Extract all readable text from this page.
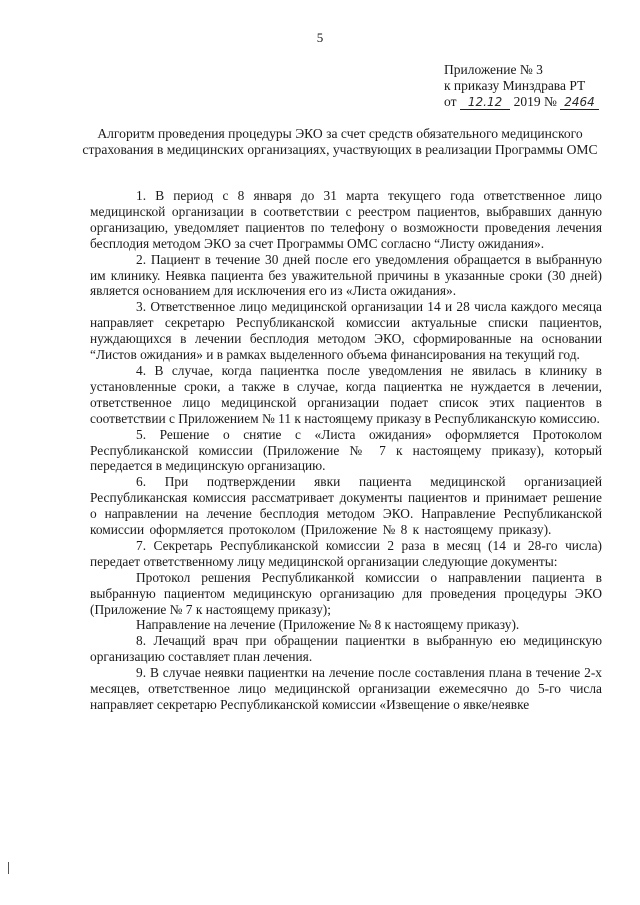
5
Приложение № 3
к приказу Минздрава РТ
от 12.12 2019 № 2464
Алгоритм проведения процедуры ЭКО за счет средств обязательного медицинского страхования в медицинских организациях, участвующих в реализации Программы ОМС

1. В период с 8 января до 31 марта текущего года ответственное лицо медицинской организации в соответствии с реестром пациентов, выбравших данную организацию, уведомляет пациентов по телефону о возможности проведения лечения бесплодия методом ЭКО за счет Программы ОМС согласно “Листу ожидания».

2. Пациент в течение 30 дней после его уведомления обращается в выбранную им клинику. Неявка пациента без уважительной причины в указанные сроки (30 дней) является основанием для исключения его из «Листа ожидания».

3. Ответственное лицо медицинской организации 14 и 28 числа каждого месяца направляет секретарю Республиканской комиссии актуальные списки пациентов, нуждающихся в лечении бесплодия методом ЭКО, сформированные на основании “Листов ожидания» и в рамках выделенного объема финансирования на текущий год.

4. В случае, когда пациентка после уведомления не явилась в клинику в установленные сроки, а также в случае, когда пациентка не нуждается в лечении, ответственное лицо медицинской организации подает список этих пациентов в соответствии с Приложением № 11 к настоящему приказу в Республиканскую комиссию.

5. Решение о снятие с «Листа ожидания» оформляется Протоколом Республиканской комиссии (Приложение № 7 к настоящему приказу), который передается в медицинскую организацию.

6. При подтверждении явки пациента медицинской организацией Республиканская комиссия рассматривает документы пациентов и принимает решение о направлении на лечение бесплодия методом ЭКО. Направление Республиканской комиссии оформляется протоколом (Приложение № 8 к настоящему приказу).

7. Секретарь Республиканской комиссии 2 раза в месяц (14 и 28-го числа) передает ответственному лицу медицинской организации следующие документы:

Протокол решения Республиканкой комиссии о направлении пациента в выбранную пациентом медицинскую организацию для проведения процедуры ЭКО (Приложение № 7 к настоящему приказу);

Направление на лечение (Приложение № 8 к настоящему приказу).

8. Лечащий врач при обращении пациентки в выбранную ею медицинскую организацию составляет план лечения.

9. В случае неявки пациентки на лечение после составления плана в течение 2-х месяцев, ответственное лицо медицинской организации ежемесячно до 5-го числа направляет секретарю Республиканской комиссии «Извещение о явке/неявке
